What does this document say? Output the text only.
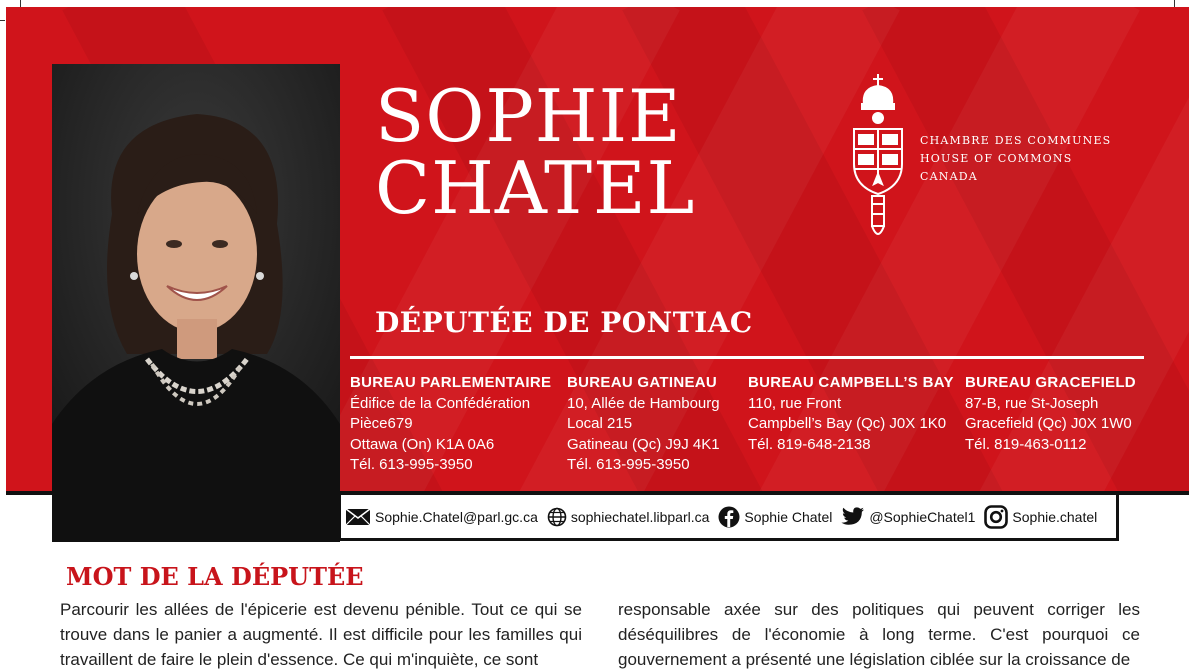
SOPHIE
CHATEL
CHAMBRE DES COMMUNES
HOUSE OF COMMONS
CANADA
DÉPUTÉE DE PONTIAC
BUREAU PARLEMENTAIRE
Édifice de la Confédération
Pièce679
Ottawa (On) K1A 0A6
Tél. 613-995-3950
BUREAU GATINEAU
10, Allée de Hambourg
Local 215
Gatineau (Qc) J9J 4K1
Tél. 613-995-3950
BUREAU CAMPBELL’S BAY
110, rue Front
Campbell’s Bay (Qc) J0X 1K0
Tél. 819-648-2138
BUREAU GRACEFIELD
87-B, rue St-Joseph
Gracefield (Qc) J0X 1W0
Tél. 819-463-0112
Sophie.Chatel@parl.gc.ca sophiechatel.libparl.ca	Sophie Chatel	@SophieChatel1	Sophie.chatel
MOT DE LA DÉPUTÉE

Parcourir les allées de l'épicerie est devenu pénible. Tout ce qui se trouve dans le panier a augmenté. Il est difficile pour les familles qui travaillent de faire le plein d'essence. Ce qui m'inquiète, ce sont

responsable axée sur des politiques qui peuvent corriger les déséquilibres de l'économie à long terme. C'est pourquoi ce gouvernement a présenté une législation ciblée sur la croissance de
